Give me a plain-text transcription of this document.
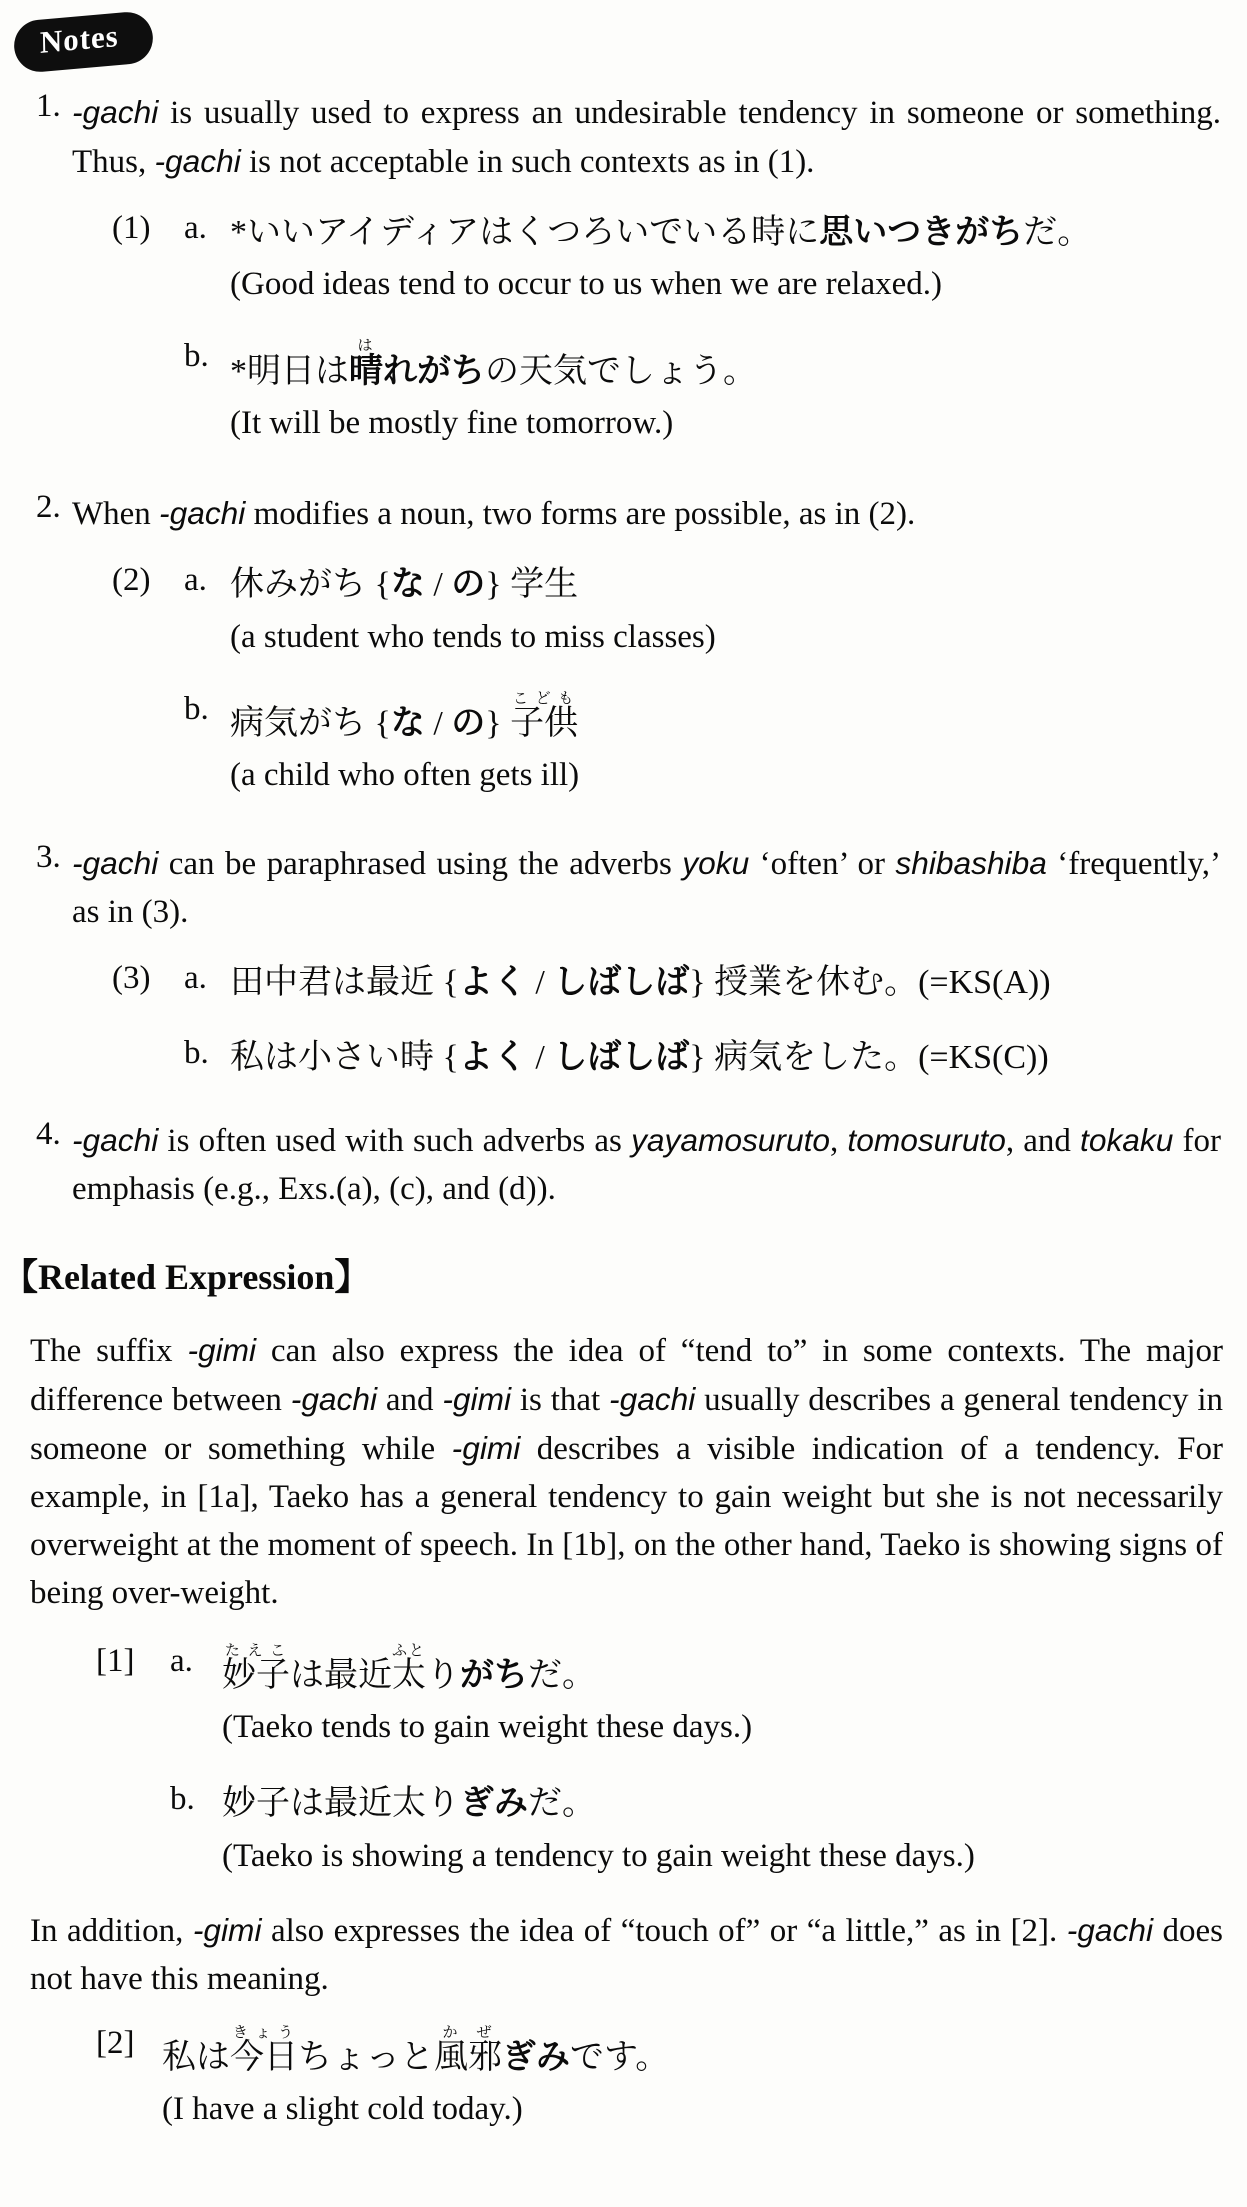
Notes
1. -gachi is usually used to express an undesirable tendency in someone or something. Thus, -gachi is not acceptable in such contexts as in (1).
(1)	a. *いいアイディアはくつろいでいる時に思いつきがちだ。
(Good ideas tend to occur to us when we are relaxed.)
b. *明日は晴はれがちの天気でしょう。
(It will be mostly fine tomorrow.)
2. When -gachi modifies a noun, two forms are possible, as in (2).
(2)	a. 休みがち {な / の} 学生
(a student who tends to miss classes)
b. 病気がち {な / の} 子供こども
(a child who often gets ill)
3. -gachi can be paraphrased using the adverbs yoku ‘often’ or shibashiba ‘frequently,’ as in (3).
(3)	a. 田中君は最近 {よく / しばしば} 授業を休む。(=KS(A))
b. 私は小さい時 {よく / しばしば} 病気をした。(=KS(C))
4. -gachi is often used with such adverbs as yayamosuruto, tomosuruto, and tokaku for emphasis (e.g., Exs.(a), (c), and (d)).
【Related Expression】
The suffix -gimi can also express the idea of “tend to” in some contexts. The major difference between -gachi and -gimi is that -gachi usually describes a general tendency in someone or something while -gimi describes a visible indication of a tendency. For example, in [1a], Taeko has a general tendency to gain weight but she is not necessarily overweight at the moment of speech. In [1b], on the other hand, Taeko is showing signs of being over-weight.
[1]	a. 妙子たえこは最近太ふとりがちだ。
(Taeko tends to gain weight these days.)
b. 妙子は最近太りぎみだ。
(Taeko is showing a tendency to gain weight these days.)
In addition, -gimi also expresses the idea of “touch of” or “a little,” as in [2]. -gachi does not have this meaning.
[2] 私は今日きょうちょっと風邪かぜぎみです。
(I have a slight cold today.)
